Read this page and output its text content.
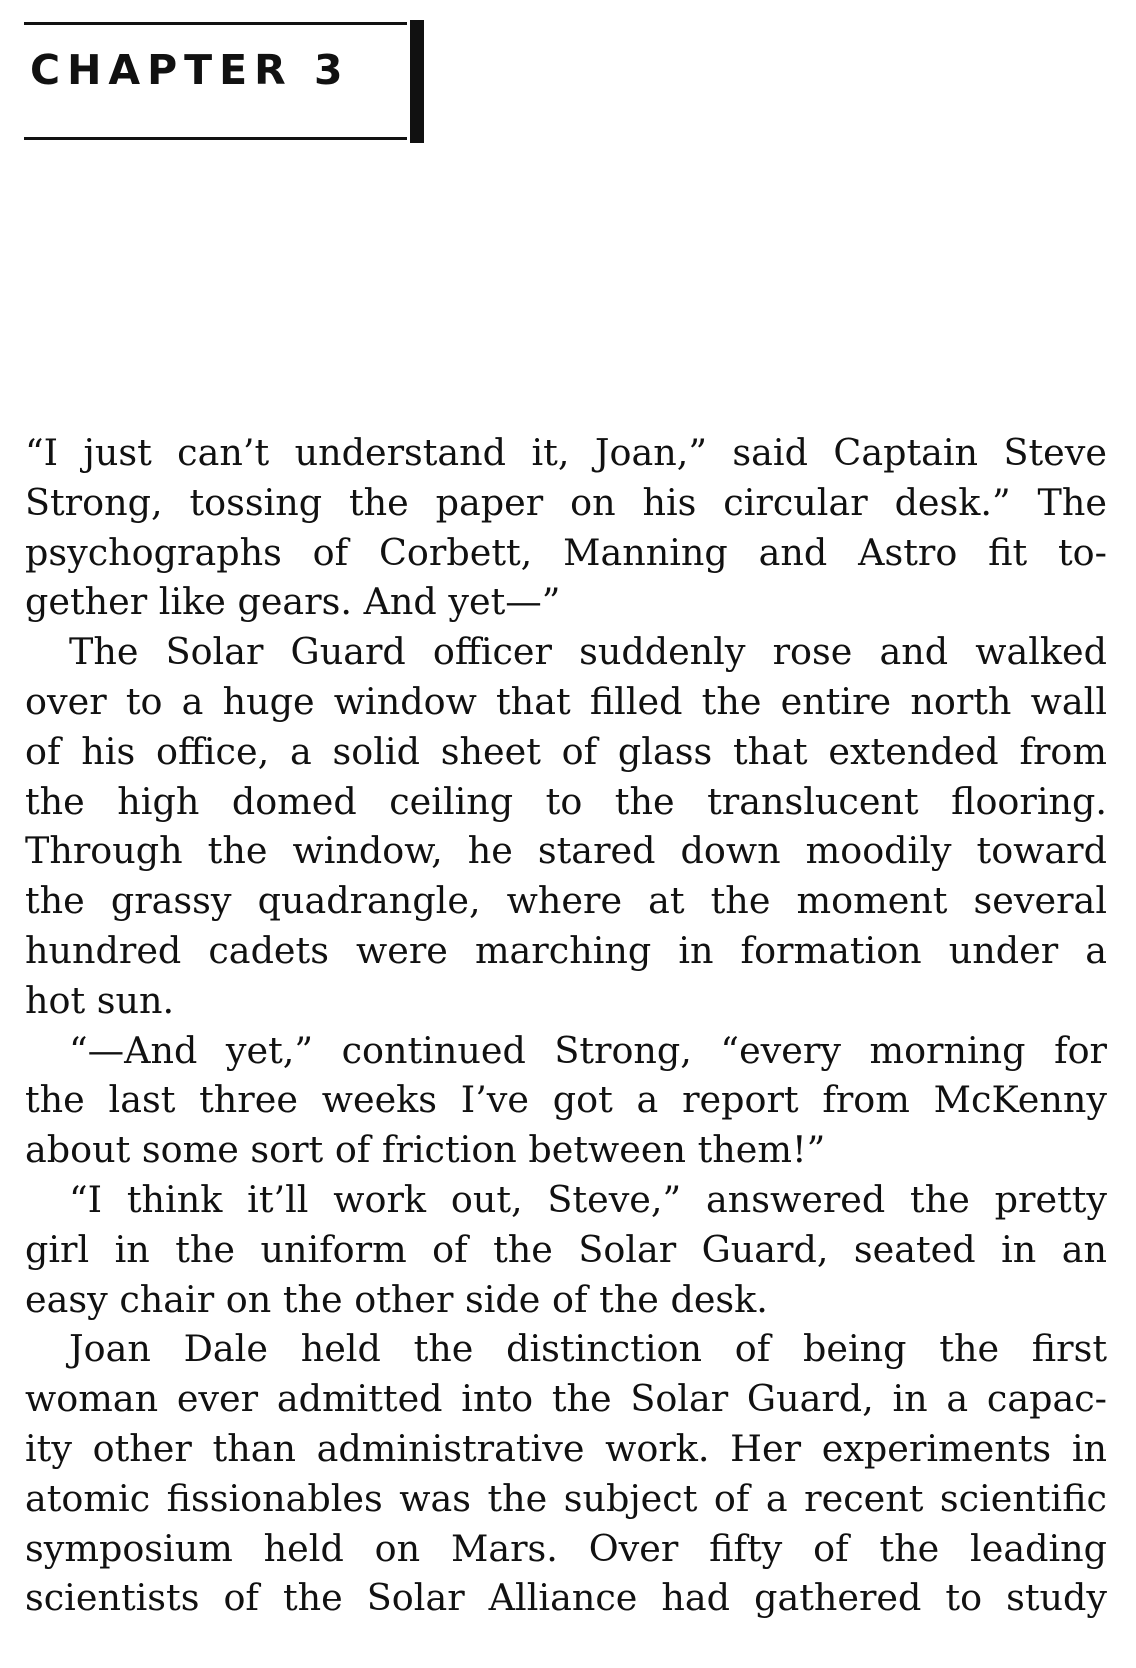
CHAPTER 3
“I just can’t understand it, Joan,” said Captain Steve
Strong, tossing the paper on his circular desk.” The
psychographs of Corbett, Manning and Astro fit to-
gether like gears. And yet—”
The Solar Guard officer suddenly rose and walked
over to a huge window that filled the entire north wall
of his office, a solid sheet of glass that extended from
the high domed ceiling to the translucent flooring.
Through the window, he stared down moodily toward
the grassy quadrangle, where at the moment several
hundred cadets were marching in formation under a
hot sun.
“—And yet,” continued Strong, “every morning for
the last three weeks I’ve got a report from McKenny
about some sort of friction between them!”
“I think it’ll work out, Steve,” answered the pretty
girl in the uniform of the Solar Guard, seated in an
easy chair on the other side of the desk.
Joan Dale held the distinction of being the first
woman ever admitted into the Solar Guard, in a capac-
ity other than administrative work. Her experiments in
atomic fissionables was the subject of a recent scientific
symposium held on Mars. Over fifty of the leading
scientists of the Solar Alliance had gathered to study
